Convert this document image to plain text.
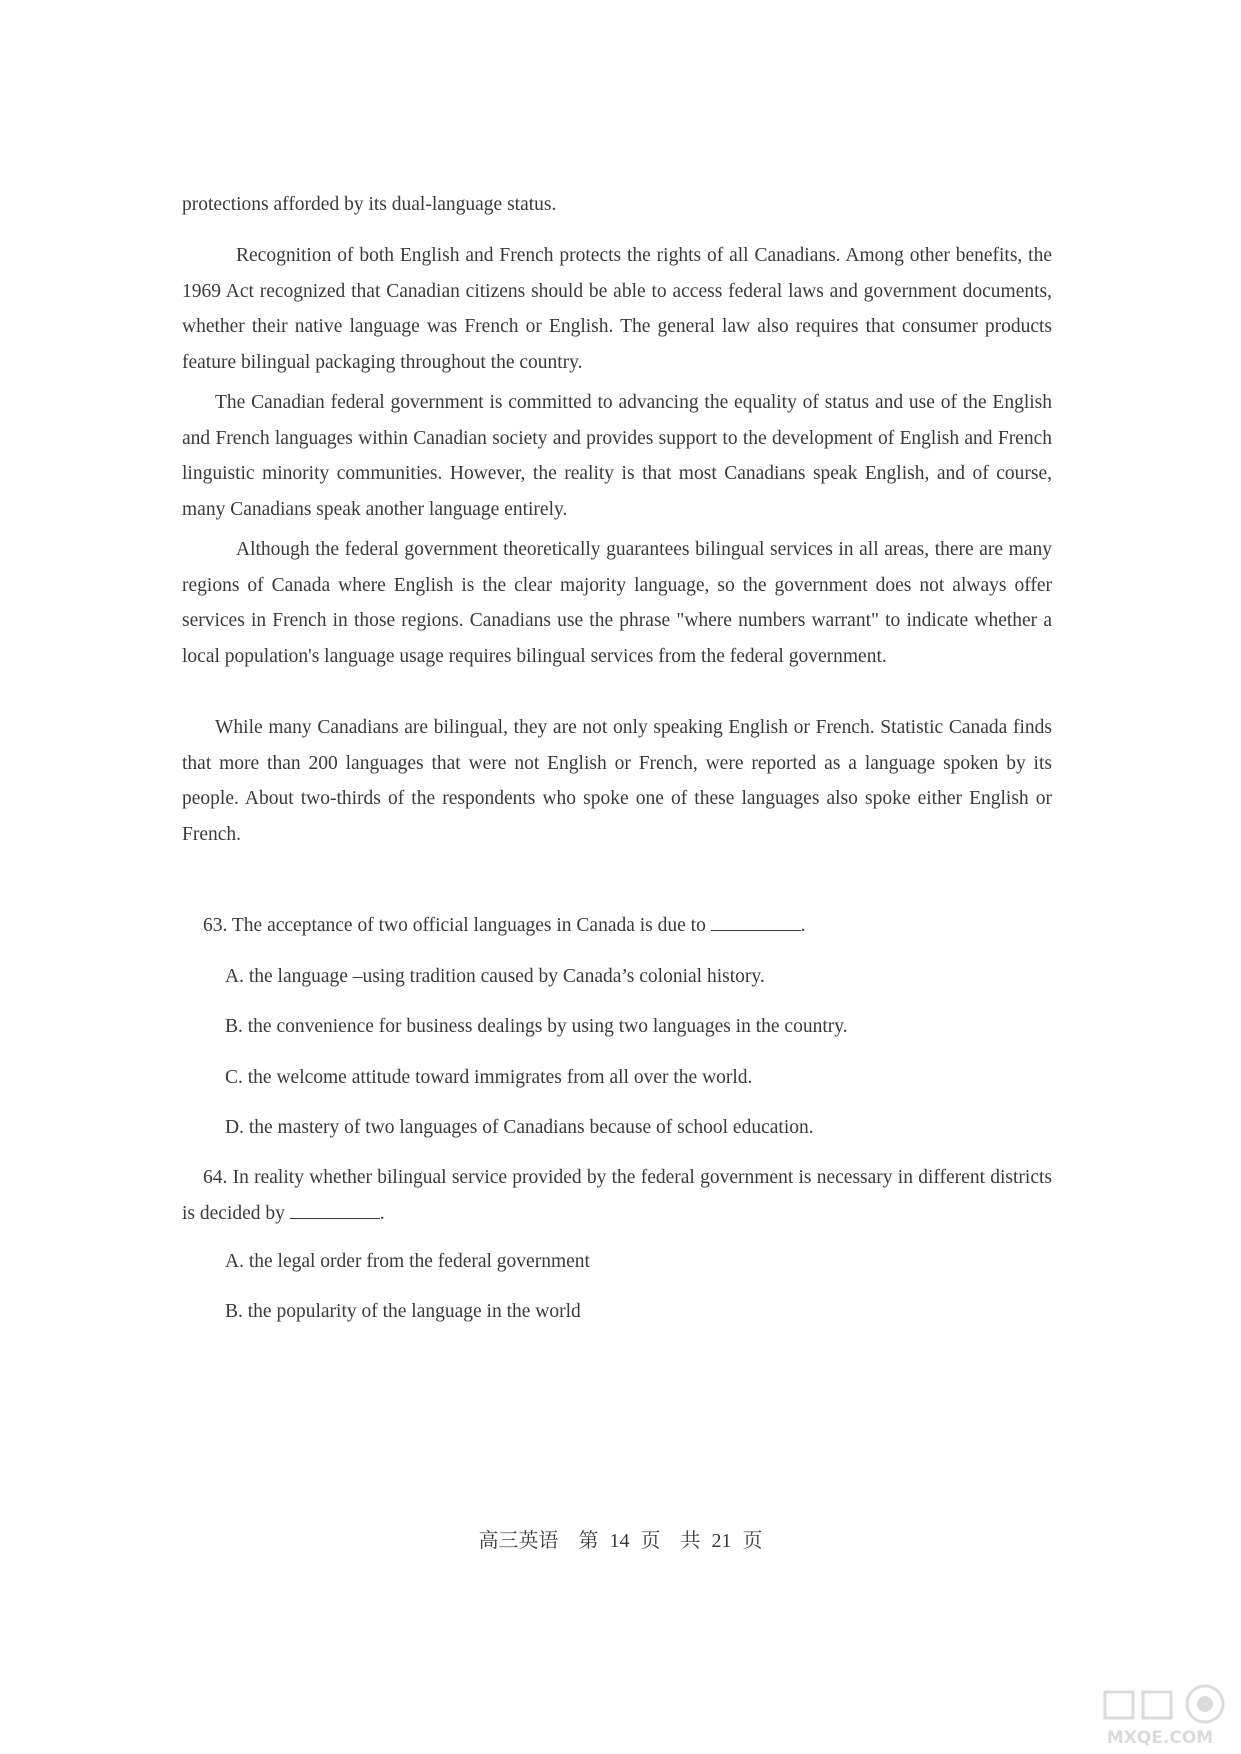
protections afforded by its dual-language status.

Recognition of both English and French protects the rights of all Canadians. Among other benefits, the 1969 Act recognized that Canadian citizens should be able to access federal laws and government documents, whether their native language was French or English. The general law also requires that consumer products feature bilingual packaging throughout the country.

The Canadian federal government is committed to advancing the equality of status and use of the English and French languages within Canadian society and provides support to the development of English and French linguistic minority communities. However, the reality is that most Canadians speak English, and of course, many Canadians speak another language entirely.

Although the federal government theoretically guarantees bilingual services in all areas, there are many regions of Canada where English is the clear majority language, so the government does not always offer services in French in those regions. Canadians use the phrase "where numbers warrant" to indicate whether a local population's language usage requires bilingual services from the federal government.

While many Canadians are bilingual, they are not only speaking English or French. Statistic Canada finds that more than 200 languages that were not English or French, were reported as a language spoken by its people. About two-thirds of the respondents who spoke one of these languages also spoke either English or French.

63. The acceptance of two official languages in Canada is due to	.

A. the language –using tradition caused by Canada’s colonial history.

B. the convenience for business dealings by using two languages in the country.

C. the welcome attitude toward immigrates from all over the world.

D. the mastery of two languages of Canadians because of school education.

64. In reality whether bilingual service provided by the federal government is necessary in different districts is decided by	.

A. the legal order from the federal government

B. the popularity of the language in the world

高三英语　第 14 页　共 21 页
MXQE.COM
